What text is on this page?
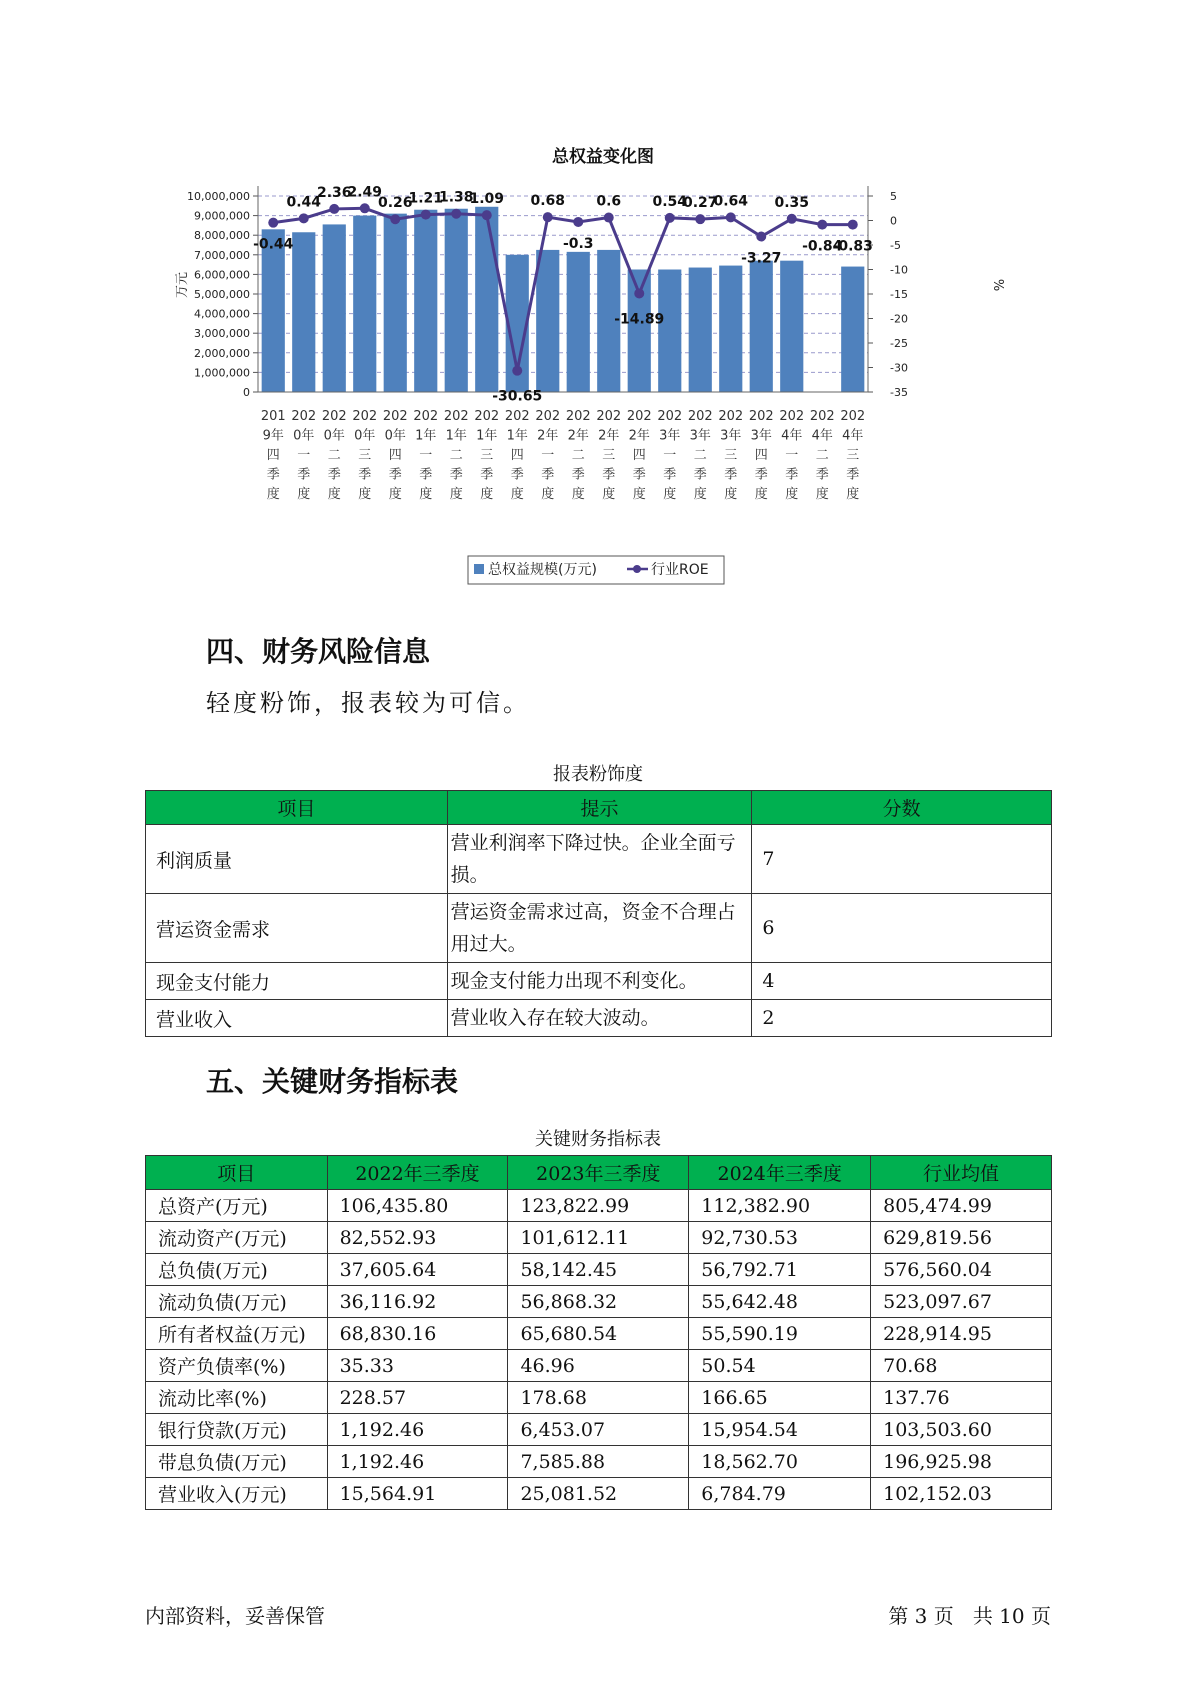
总权益变化图
10,000,000
9,000,000
8,000,000
7,000,000
6,000,000
5,000,000
4,000,000
3,000,000
2,000,000
1,000,000
0
5
0
-5
-10
-15
-20
-25
-30
-35
201 9年四季度
202 0年一季度
202 0年二季度
202 0年三季度
202 0年四季度
202 1年一季度
202 1年二季度
202 1年三季度
202 1年四季度
202 2年一季度
202 2年二季度
202 2年三季度
202 2年四季度
202 3年一季度
202 3年二季度
202 3年三季度
202 3年四季度
202 4年一季度
202 4年二季度
202 4年三季度
-0.44
0.44
2.36
2.49
0.26
1.21
1.38
1.09
-30.65
0.68
-0.3
0.6
-14.89
0.54
0.27
0.64
-3.27
0.35
-0.84
-0.83
万元	%
总权益规模(万元)	行业ROE
四、财务风险信息
轻度粉饰，报表较为可信。
报表粉饰度
项目	提示	分数
利润质量	营业利润率下降过快。企业全面亏损。	7
营运资金需求	营运资金需求过高，资金不合理占用过大。	6
现金支付能力	现金支付能力出现不利变化。	4
营业收入	营业收入存在较大波动。	2
五、关键财务指标表
关键财务指标表
项目	2022年三季度	2023年三季度	2024年三季度	行业均值
总资产(万元)	106,435.80	123,822.99	112,382.90	805,474.99
流动资产(万元)	82,552.93	101,612.11	92,730.53	629,819.56
总负债(万元)	37,605.64	58,142.45	56,792.71	576,560.04
流动负债(万元)	36,116.92	56,868.32	55,642.48	523,097.67
所有者权益(万元)	68,830.16	65,680.54	55,590.19	228,914.95
资产负债率(%)	35.33	46.96	50.54	70.68
流动比率(%)	228.57	178.68	166.65	137.76
银行贷款(万元)	1,192.46	6,453.07	15,954.54	103,503.60
带息负债(万元)	1,192.46	7,585.88	18,562.70	196,925.98
营业收入(万元)	15,564.91	25,081.52	6,784.79	102,152.03
内部资料，妥善保管	第 3 页   共 10 页
